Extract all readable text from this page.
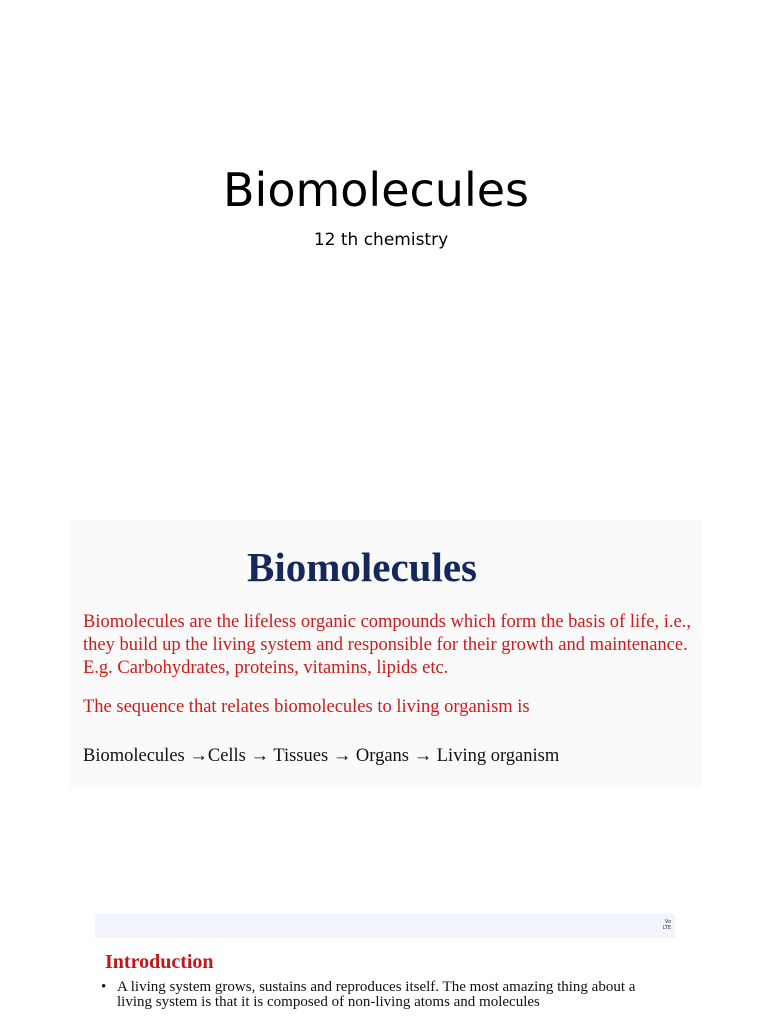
Biomolecules
12 th chemistry
Biomolecules
Biomolecules are the lifeless organic compounds which form the basis of life, i.e., they build up the living system and responsible for their growth and maintenance. E.g. Carbohydrates, proteins, vitamins, lipids etc.
The sequence that relates biomolecules to living organism is
Biomolecules →Cells → Tissues → Organs → Living organism
Vo
LTE
Introduction
• A living system grows, sustains and reproduces itself. The most amazing thing about a living system is that it is composed of non-living atoms and molecules
